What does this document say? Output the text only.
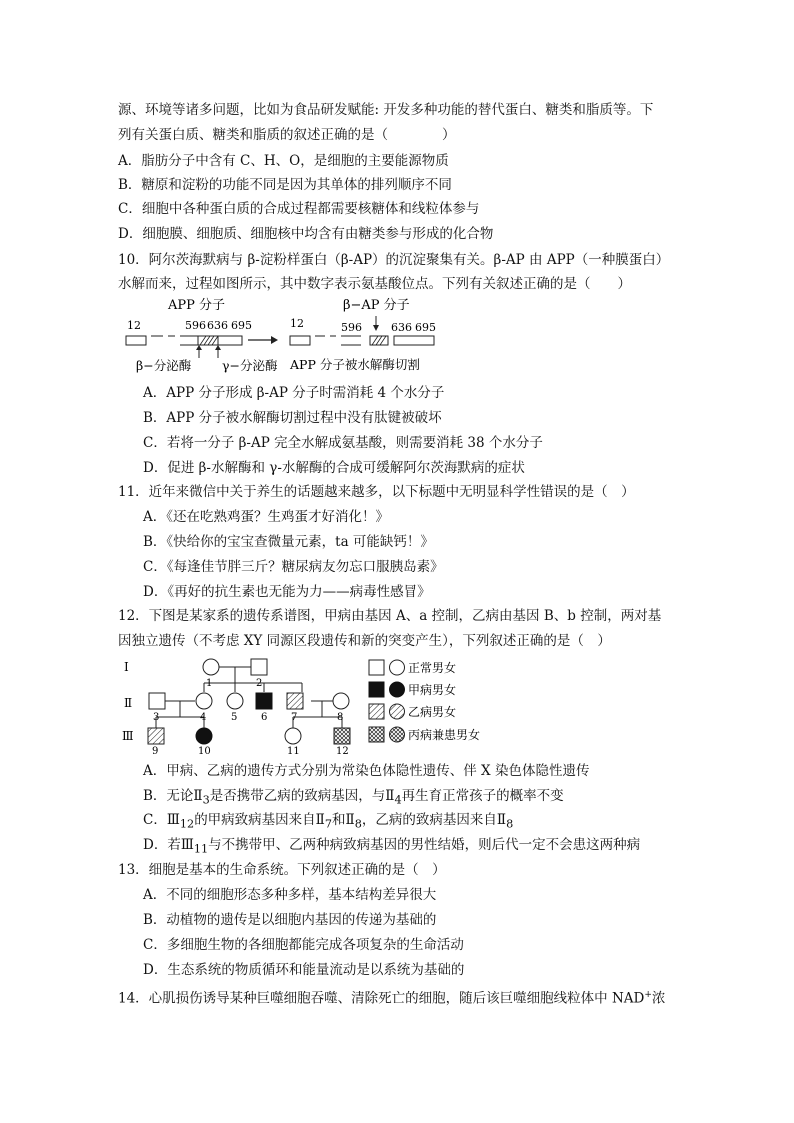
源、环境等诸多问题，比如为食品研发赋能: 开发多种功能的替代蛋白、糖类和脂质等。下
列有关蛋白质、糖类和脂质的叙述正确的是（　　　　）
A．脂肪分子中含有 C、H、O，是细胞的主要能源物质
B．糖原和淀粉的功能不同是因为其单体的排列顺序不同
C．细胞中各种蛋白质的合成过程都需要核糖体和线粒体参与
D．细胞膜、细胞质、细胞核中均含有由糖类参与形成的化合物
10．阿尔茨海默病与 β-淀粉样蛋白（β-AP）的沉淀聚集有关。β-AP 由 APP（一种膜蛋白）
水解而来，过程如图所示，其中数字表示氨基酸位点。下列有关叙述正确的是（　　）
APP 分子	β−AP 分子
12	596 636 695
β−分泌酶 γ−分泌酶
12	596	636 695
APP 分子被水解酶切割
A．APP 分子形成 β-AP 分子时需消耗 4 个水分子
B．APP 分子被水解酶切割过程中没有肽键被破坏
C．若将一分子 β-AP 完全水解成氨基酸，则需要消耗 38 个水分子
D．促进 β-水解酶和 γ-水解酶的合成可缓解阿尔茨海默病的症状
11．近年来微信中关于养生的话题越来越多，以下标题中无明显科学性错误的是（　）
A．《还在吃熟鸡蛋？生鸡蛋才好消化！》
B．《快给你的宝宝查微量元素，ta 可能缺钙！》
C．《每逢佳节胖三斤？糖尿病友勿忘口服胰岛素》
D．《再好的抗生素也无能为力——病毒性感冒》
12．下图是某家系的遗传系谱图，甲病由基因 A、a 控制，乙病由基因 B、b 控制，两对基
因独立遗传（不考虑 XY 同源区段遗传和新的突变产生），下列叙述正确的是（　）
Ⅰ
Ⅱ
Ⅲ
1	2
3	4 5 6 7	8
9	10	11	12
正常男女
甲病男女
乙病男女
丙病兼患男女
A．甲病、乙病的遗传方式分别为常染色体隐性遗传、伴 X 染色体隐性遗传
B．无论$Ⅱ_3$是否携带乙病的致病基因，与$Ⅱ_4$再生育正常孩子的概率不变
C．$Ⅲ_{12}$的甲病致病基因来自$Ⅱ_7$和$Ⅱ_8$，乙病的致病基因来自$Ⅱ_8$
D．若$Ⅲ_{11}$与不携带甲、乙两种病致病基因的男性结婚，则后代一定不会患这两种病
13．细胞是基本的生命系统。下列叙述正确的是（　）
A．不同的细胞形态多种多样，基本结构差异很大
B．动植物的遗传是以细胞内基因的传递为基础的
C．多细胞生物的各细胞都能完成各项复杂的生命活动
D．生态系统的物质循环和能量流动是以系统为基础的
14．心肌损伤诱导某种巨噬细胞吞噬、清除死亡的细胞，随后该巨噬细胞线粒体中 NAD+浓
